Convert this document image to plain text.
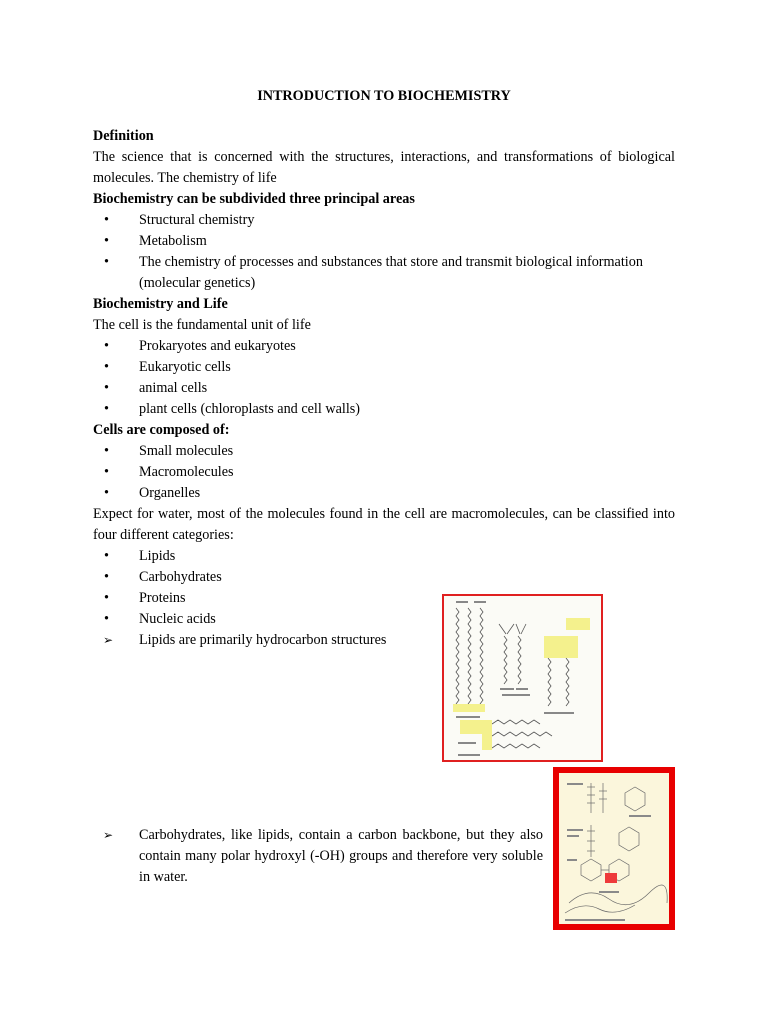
INTRODUCTION TO BIOCHEMISTRY
Definition
The science that is concerned with the structures, interactions, and transformations of biological molecules. The chemistry of life
Biochemistry can be subdivided three principal areas
• Structural chemistry
• Metabolism
• The chemistry of processes and substances that store and transmit biological information (molecular genetics)
Biochemistry and Life
The cell is the fundamental unit of life
• Prokaryotes and eukaryotes
• Eukaryotic cells
• animal cells
• plant cells (chloroplasts and cell walls)
Cells are composed of:
• Small molecules
• Macromolecules
• Organelles
Expect for water, most of the molecules found in the cell are macromolecules, can be classified into four different categories:
• Lipids
• Carbohydrates
• Proteins
• Nucleic acids
➢ Lipids are primarily hydrocarbon structures
➢ Carbohydrates, like lipids, contain a carbon backbone, but they also contain many polar hydroxyl (-OH) groups and therefore very soluble in water.
